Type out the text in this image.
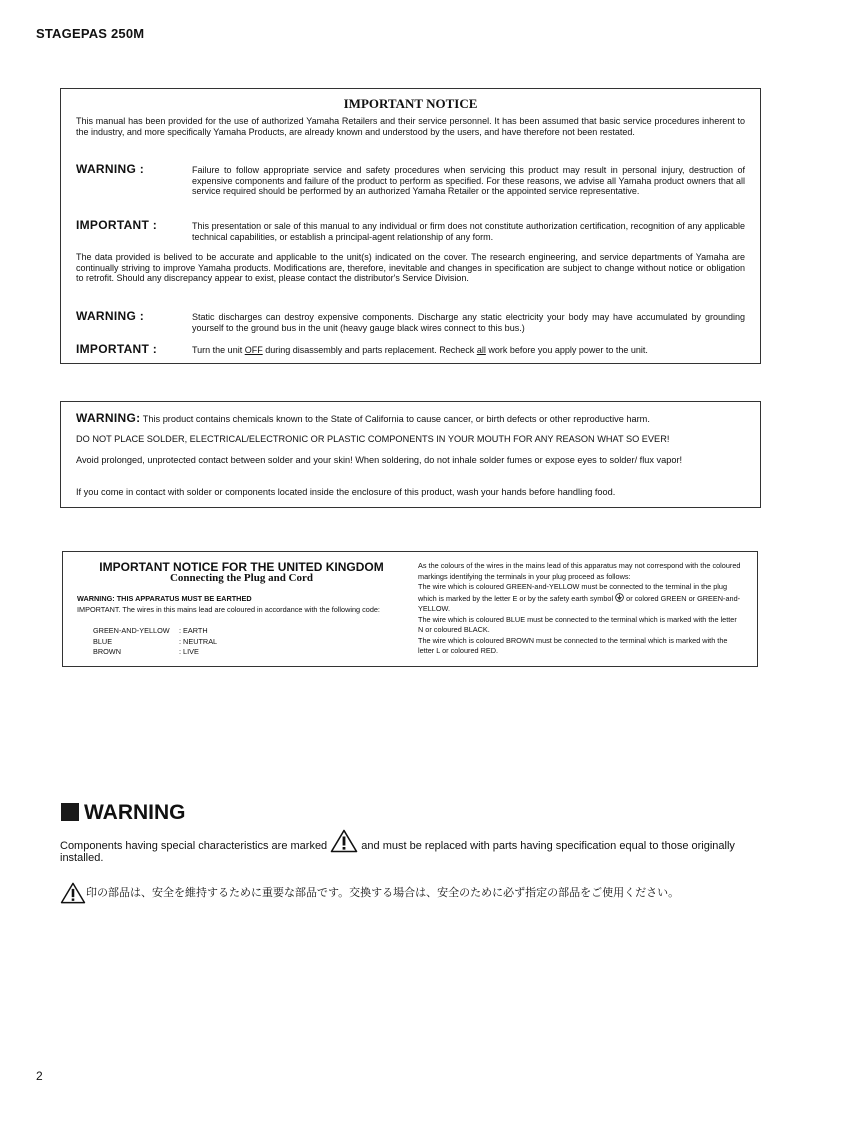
STAGEPAS 250M
IMPORTANT NOTICE
This manual has been provided for the use of authorized Yamaha Retailers and their service personnel. It has been assumed that basic service procedures inherent to the industry, and more specifically Yamaha Products, are already known and understood by the users, and have therefore not been restated.
WARNING :	Failure to follow appropriate service and safety procedures when servicing this product may result in personal injury, destruction of expensive components and failure of the product to perform as specified. For these reasons, we advise all Yamaha product owners that all service required should be performed by an authorized Yamaha Retailer or the appointed service representative.
IMPORTANT :	This presentation or sale of this manual to any individual or firm does not constitute authorization certification, recognition of any applicable technical capabilities, or establish a principal-agent relationship of any form.
The data provided is belived to be accurate and applicable to the unit(s) indicated on the cover. The research engineering, and service departments of Yamaha are continually striving to improve Yamaha products. Modifications are, therefore, inevitable and changes in specification are subject to change without notice or obligation to retrofit. Should any discrepancy appear to exist, please contact the distributor's Service Division.
WARNING :	Static discharges can destroy expensive components. Discharge any static electricity your body may have accumulated by grounding yourself to the ground bus in the unit (heavy gauge black wires connect to this bus.)
IMPORTANT :	Turn the unit OFF during disassembly and parts replacement. Recheck all work before you apply power to the unit.
WARNING: This product contains chemicals known to the State of California to cause cancer, or birth defects or other reproductive harm.
DO NOT PLACE SOLDER, ELECTRICAL/ELECTRONIC OR PLASTIC COMPONENTS IN YOUR MOUTH FOR ANY REASON WHAT SO EVER!
Avoid prolonged, unprotected contact between solder and your skin! When soldering, do not inhale solder fumes or expose eyes to solder/ flux vapor!
If you come in contact with solder or components located inside the enclosure of this product, wash your hands before handling food.
IMPORTANT NOTICE FOR THE UNITED KINGDOM
Connecting the Plug and Cord
WARNING: THIS APPARATUS MUST BE EARTHED
IMPORTANT. The wires in this mains lead are coloured in accordance with the following code:
GREEN-AND-YELLOW : EARTH
BLUE	: NEUTRAL
BROWN	: LIVE
As the colours of the wires in the mains lead of this apparatus may not correspond with the coloured markings identifying the terminals in your plug proceed as follows:
The wire which is coloured GREEN-and-YELLOW must be connected to the terminal in the plug which is marked by the letter E or by the safety earth symbol  or colored GREEN or GREEN-and-YELLOW.
The wire which is coloured BLUE must be connected to the terminal which is marked with the letter N or coloured BLACK.
The wire which is coloured BROWN must be connected to the terminal which is marked with the letter L or coloured RED.
WARNING
Components having special characteristics are marked	and must be replaced with parts having specification equal to those originally installed.
印の部品は、安全を維持するために重要な部品です。交換する場合は、安全のために必ず指定の部品をご使用ください。
2
